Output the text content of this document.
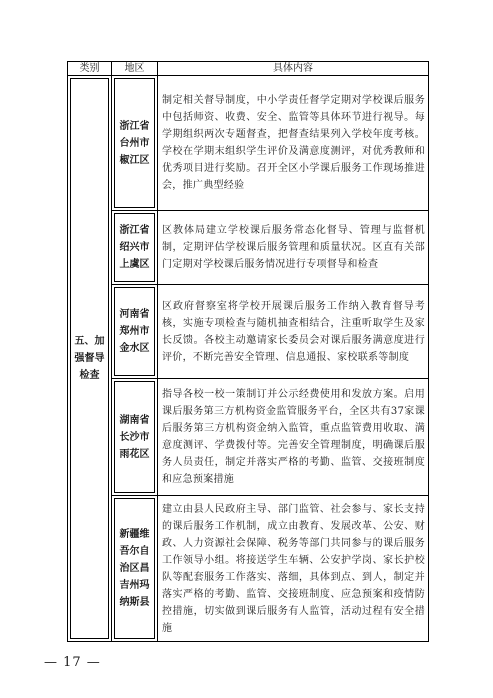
类别	地区	具体内容

五、加强督导检查	浙江省台州市椒江区	制定相关督导制度，中小学责任督学定期对学校课后服务中包括师资、收费、安全、监管等具体环节进行视导。每学期组织两次专题督查，把督查结果列入学校年度考核。学校在学期末组织学生评价及满意度测评，对优秀教师和优秀项目进行奖励。召开全区小学课后服务工作现场推进会，推广典型经验

	浙江省绍兴市上虞区	区教体局建立学校课后服务常态化督导、管理与监督机制，定期评估学校课后服务管理和质量状况。区直有关部门定期对学校课后服务情况进行专项督导和检查

	河南省郑州市金水区	区政府督察室将学校开展课后服务工作纳入教育督导考核，实施专项检查与随机抽查相结合，注重听取学生及家长反馈。各校主动邀请家长委员会对课后服务满意度进行评价，不断完善安全管理、信息通报、家校联系等制度

	湖南省长沙市雨花区	指导各校一校一策制订并公示经费使用和发放方案。启用课后服务第三方机构资金监管服务平台，全区共有37家课后服务第三方机构资金纳入监管，重点监管费用收取、满意度测评、学费拨付等。完善安全管理制度，明确课后服务人员责任，制定并落实严格的考勤、监管、交接班制度和应急预案措施

	新疆维吾尔自治区昌吉州玛纳斯县	建立由县人民政府主导、部门监管、社会参与、家长支持的课后服务工作机制，成立由教育、发展改革、公安、财政、人力资源社会保障、税务等部门共同参与的课后服务工作领导小组。将接送学生车辆、公安护学岗、家长护校队等配套服务工作落实、落细，具体到点、到人，制定并落实严格的考勤、监管、交接班制度、应急预案和疫情防控措施，切实做到课后服务有人监管，活动过程有安全措施
— 17 —
